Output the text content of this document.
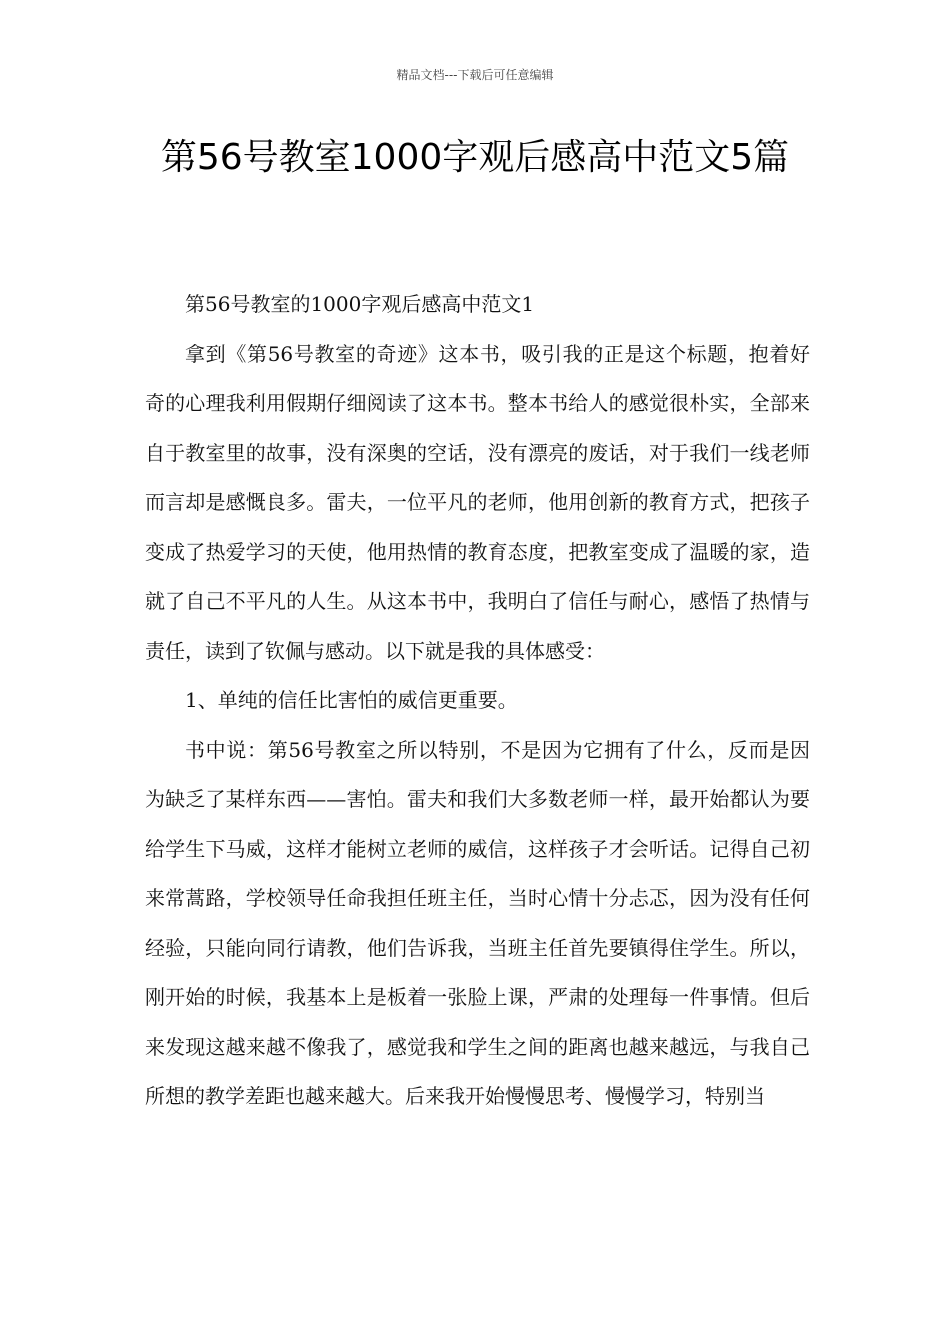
精品文档---下载后可任意编辑
第56号教室1000字观后感高中范文5篇

第56号教室的1000字观后感高中范文1

拿到《第56号教室的奇迹》这本书，吸引我的正是这个标题，抱着好奇的心理我利用假期仔细阅读了这本书。整本书给人的感觉很朴实，全部来自于教室里的故事，没有深奥的空话，没有漂亮的废话，对于我们一线老师而言却是感慨良多。雷夫，一位平凡的老师，他用创新的教育方式，把孩子变成了热爱学习的天使，他用热情的教育态度，把教室变成了温暖的家，造就了自己不平凡的人生。从这本书中，我明白了信任与耐心，感悟了热情与责任，读到了钦佩与感动。以下就是我的具体感受：

1、单纯的信任比害怕的威信更重要。

书中说：第56号教室之所以特别，不是因为它拥有了什么，反而是因为缺乏了某样东西——害怕。雷夫和我们大多数老师一样，最开始都认为要给学生下马威，这样才能树立老师的威信，这样孩子才会听话。记得自己初来常蒿路，学校领导任命我担任班主任，当时心情十分忐忑，因为没有任何经验，只能向同行请教，他们告诉我，当班主任首先要镇得住学生。所以，刚开始的时候，我基本上是板着一张脸上课，严肃的处理每一件事情。但后来发现这越来越不像我了，感觉我和学生之间的距离也越来越远，与我自己所想的教学差距也越来越大。后来我开始慢慢思考、慢慢学习，特别当
